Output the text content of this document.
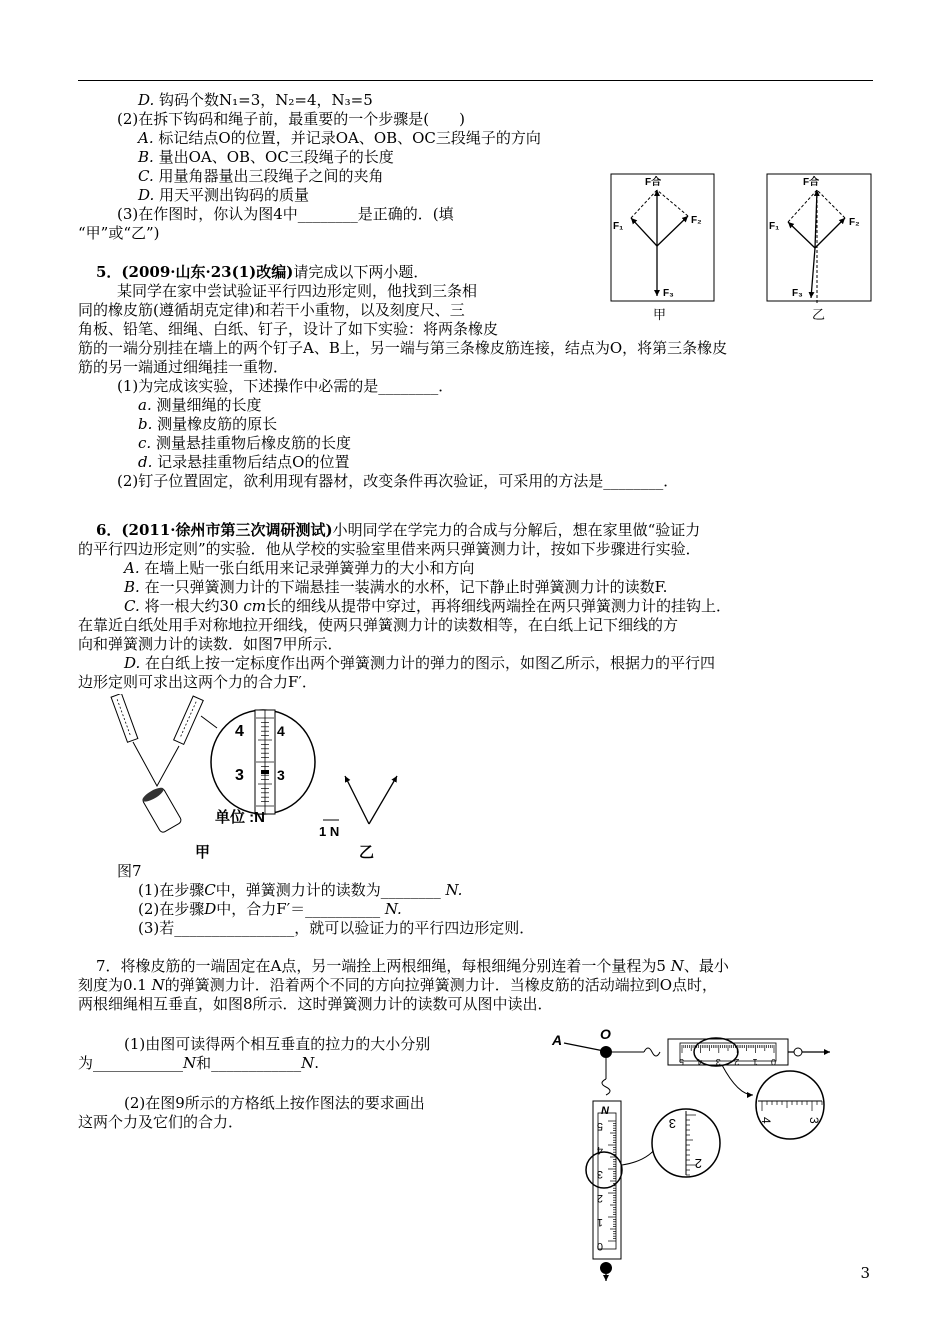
D. 钩码个数N₁=3，N₂=4，N₃=5
(2)在拆下钩码和绳子前，最重要的一个步骤是(　　)
A. 标记结点O的位置，并记录OA、OB、OC三段绳子的方向
B. 量出OA、OB、OC三段绳子的长度
C. 用量角器量出三段绳子之间的夹角
D. 用天平测出钩码的质量
(3)在作图时，你认为图4中________是正确的．(填
“甲”或“乙”)
F合
F₁
F₂
F₃
甲
F合
F₁	F₂
F₃
乙
5．(2009·山东·23(1)改编)请完成以下两小题．
某同学在家中尝试验证平行四边形定则，他找到三条相
同的橡皮筋(遵循胡克定律)和若干小重物，以及刻度尺、三
角板、铅笔、细绳、白纸、钉子，设计了如下实验：将两条橡皮
筋的一端分别挂在墙上的两个钉子A、B上，另一端与第三条橡皮筋连接，结点为O，将第三条橡皮
筋的另一端通过细绳挂一重物．
(1)为完成该实验，下述操作中必需的是________．
a. 测量细绳的长度
b. 测量橡皮筋的原长
c. 测量悬挂重物后橡皮筋的长度
d. 记录悬挂重物后结点O的位置
(2)钉子位置固定，欲利用现有器材，改变条件再次验证，可采用的方法是________．
6．(2011·徐州市第三次调研测试)小明同学在学完力的合成与分解后，想在家里做“验证力
的平行四边形定则”的实验．他从学校的实验室里借来两只弹簧测力计，按如下步骤进行实验．
A. 在墙上贴一张白纸用来记录弹簧弹力的大小和方向
B. 在一只弹簧测力计的下端悬挂一装满水的水杯，记下静止时弹簧测力计的读数F.
C. 将一根大约30 cm长的细线从提带中穿过，再将细线两端拴在两只弹簧测力计的挂钩上．
在靠近白纸处用手对称地拉开细线，使两只弹簧测力计的读数相等，在白纸上记下细线的方
向和弹簧测力计的读数．如图7甲所示．
D. 在白纸上按一定标度作出两个弹簧测力计的弹力的图示，如图乙所示，根据力的平行四
边形定则可求出这两个力的合力F′．
4
3
4
3
单位 :N
甲
1 N
乙
图7
(1)在步骤C中，弹簧测力计的读数为________ N.
(2)在步骤D中，合力F′＝__________ N.
(3)若________________，就可以验证力的平行四边形定则．
7．将橡皮筋的一端固定在A点，另一端拴上两根细绳，每根细绳分别连着一个量程为5 N、最小
刻度为0.1 N的弹簧测力计．沿着两个不同的方向拉弹簧测力计．当橡皮筋的活动端拉到O点时，
两根细绳相互垂直，如图8所示．这时弹簧测力计的读数可从图中读出．
(1)由图可读得两个相互垂直的拉力的大小分别
为____________N和____________N.
(2)在图9所示的方格纸上按作图法的要求画出
这两个力及它们的合力．
A	O
5 4 3 2 1 0
4	3
N
5
4
3
2
1
0
3
2
3
